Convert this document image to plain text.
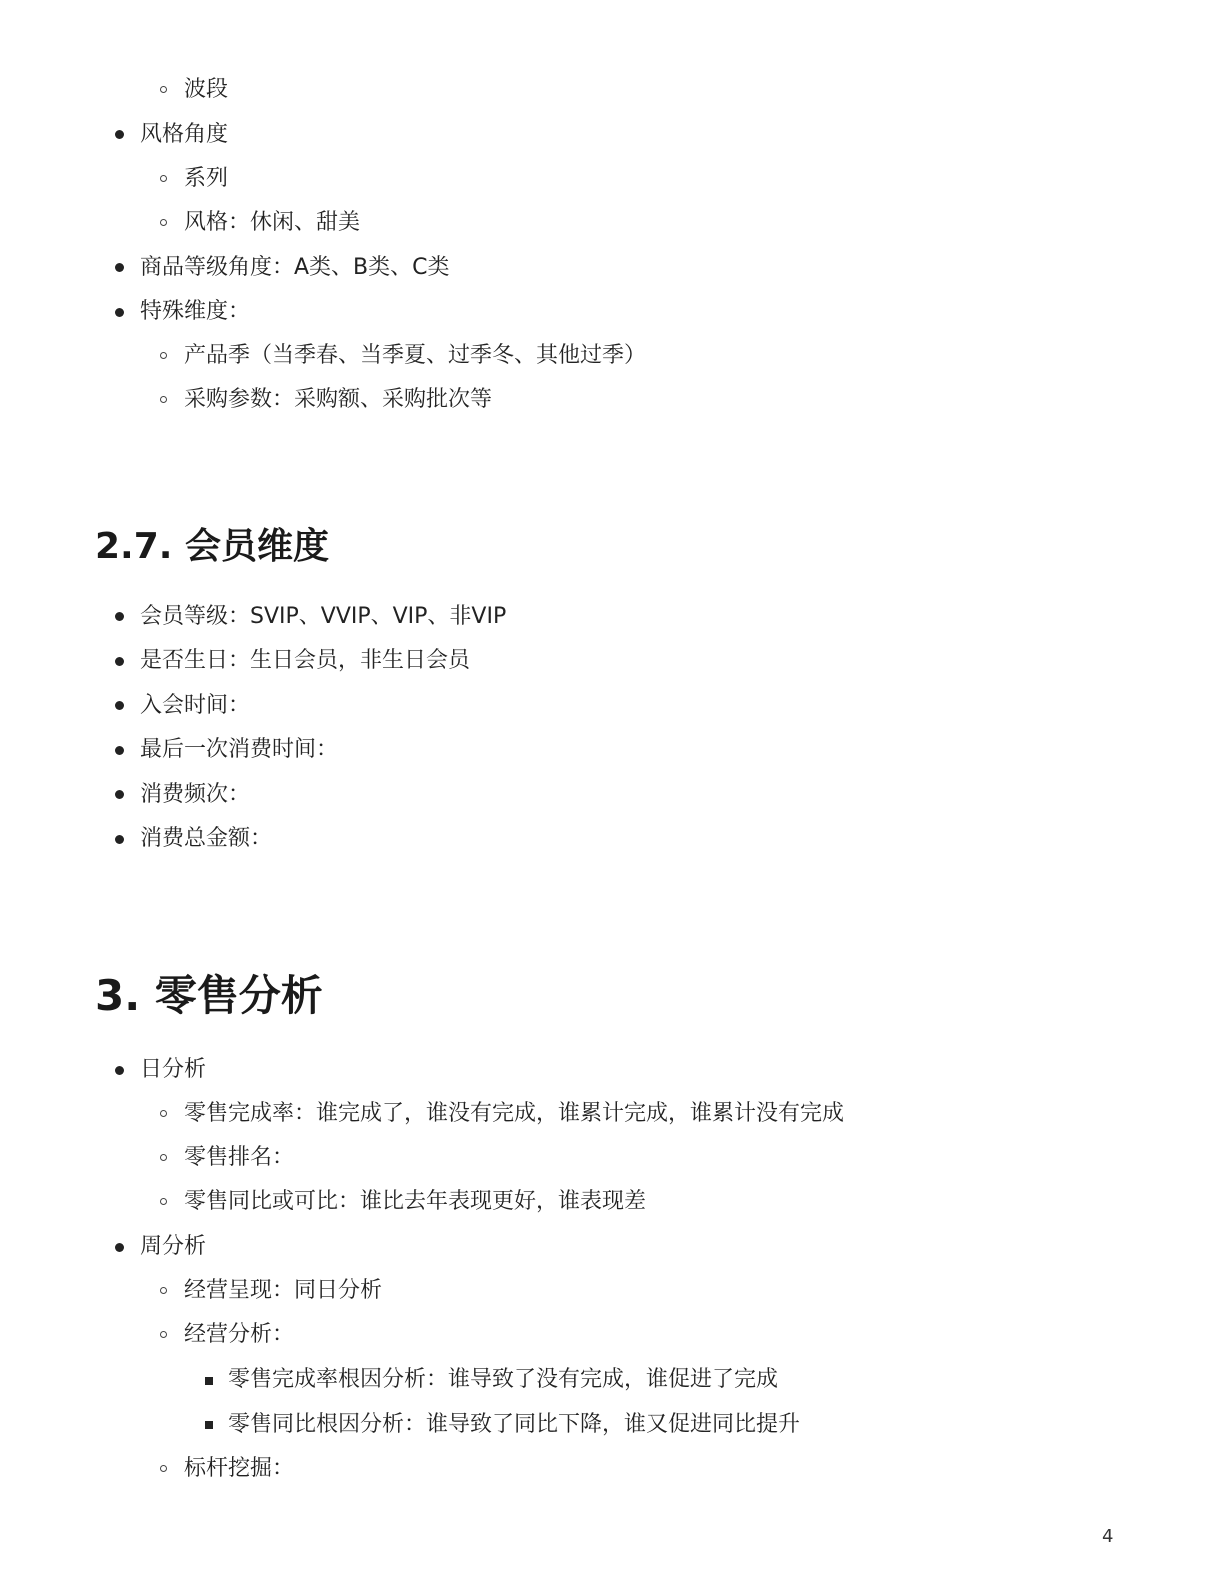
波段
风格角度
系列
风格：休闲、甜美
商品等级角度：A类、B类、C类
特殊维度：
产品季（当季春、当季夏、过季冬、其他过季）
采购参数：采购额、采购批次等
2.7. 会员维度
会员等级：SVIP、VVIP、VIP、非VIP
是否生日：生日会员，非生日会员
入会时间：
最后一次消费时间：
消费频次：
消费总金额：
3. 零售分析
日分析
零售完成率：谁完成了，谁没有完成，谁累计完成，谁累计没有完成
零售排名：
零售同比或可比：谁比去年表现更好，谁表现差
周分析
经营呈现：同日分析
经营分析：
零售完成率根因分析：谁导致了没有完成，谁促进了完成
零售同比根因分析：谁导致了同比下降，谁又促进同比提升
标杆挖掘：
4
